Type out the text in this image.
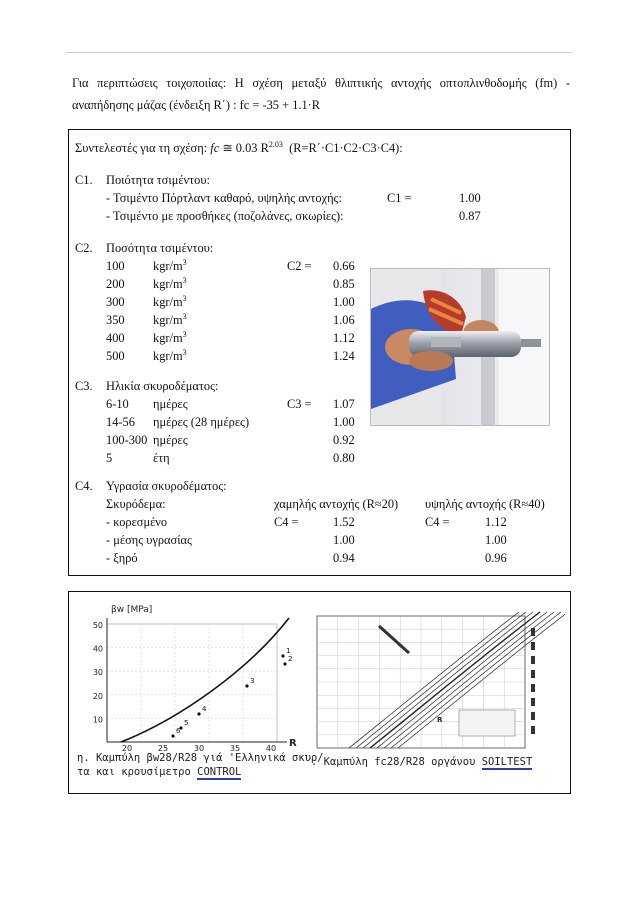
Για περιπτώσεις τοιχοποιίας: Η σχέση μεταξύ θλιπτικής αντοχής οπτοπλινθοδομής (fm) -
αναπήδησης μάζας (ένδειξη R΄) : fc = -35 + 1.1·R
Συντελεστές για τη σχέση: fc ≅ 0.03 $R^{2.03}$ (R=R΄·C1·C2·C3·C4):
C1. Ποιότητα τσιμέντου:
- Τσιμέντο Πόρτλαντ καθαρό, υψηλής αντοχής:	C1 =	1.00
- Τσιμέντο με προσθήκες (ποζολάνες, σκωρίες):	0.87
C2. Ποσότητα τσιμέντου:
100 kgr/$m^3$	C2 = 0.66
200 kgr/$m^3$	0.85
300 kgr/$m^3$	1.00
350 kgr/$m^3$	1.06
400 kgr/$m^3$	1.12
500 kgr/$m^3$	1.24
C3. Ηλικία σκυροδέματος:
C3 =
6-10 ημέρες	1.07
14-56 ημέρες (28 ημέρες)	1.00
100-300 ημέρες	0.92
5	έτη	0.80
C4. Υγρασία σκυροδέματος:
Σκυρόδεμα:	χαμηλής αντοχής (R≈20) υψηλής αντοχής (R≈40)
C4 =	C4 =
- κορεσμένο	1.52	1.12
- μέσης υγρασίας	1.00	1.00
- ξηρό	0.94	0.96
50
40
30
20
10
20	25	30	35	40
βw [MPa]
R
1
2
3
4
5
6
R
η. Καμπύλη βw28/R28 γιά 'Ελληνικά σκυρ/
τα και κρουσίμετρο CONTROL
. Καμπύλη fc28/R28 οργάνου SOILTEST
